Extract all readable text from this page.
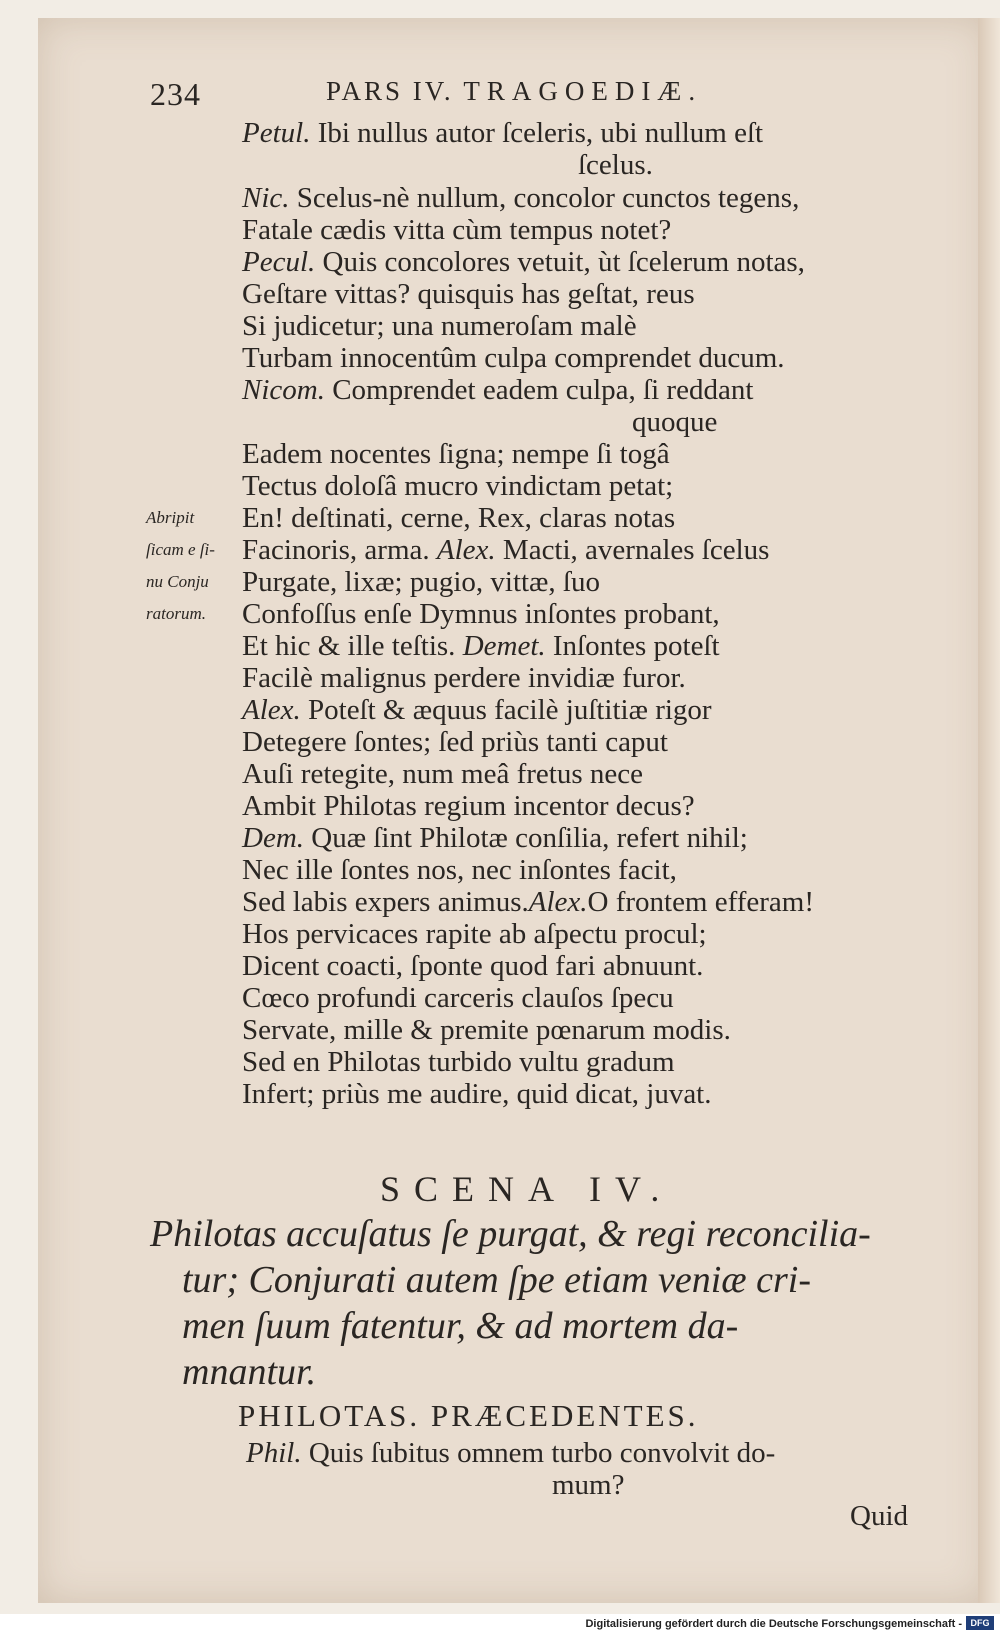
234	PARS IV. TRAGOEDIÆ.
Petul. Ibi nullus autor ſceleris, ubi nullum eſt
ſcelus.
Nic. Scelus-nè nullum, concolor cunctos tegens,
Fatale cædis vitta cùm tempus notet?
Pecul. Quis concolores vetuit, ùt ſcelerum notas,
Geſtare vittas? quisquis has geſtat, reus
Si judicetur; una numeroſam malè
Turbam innocentûm culpa comprendet ducum.
Nicom. Comprendet eadem culpa, ſi reddant
quoque
Eadem nocentes ſigna; nempe ſi togâ
Tectus doloſâ mucro vindictam petat;
En! deſtinati, cerne, Rex, claras notas
Facinoris, arma. Alex. Macti, avernales ſcelus
Purgate, lixæ; pugio, vittæ, ſuo
Confoſſus enſe Dymnus inſontes probant,
Et hic & ille teſtis. Demet. Inſontes poteſt
Facilè malignus perdere invidiæ furor.
Alex. Poteſt & æquus facilè juſtitiæ rigor
Detegere ſontes; ſed priùs tanti caput
Auſi retegite, num meâ fretus nece
Ambit Philotas regium incentor decus?
Dem. Quæ ſint Philotæ conſilia, refert nihil;
Nec ille ſontes nos, nec inſontes facit,
Sed labis expers animus.Alex.O frontem efferam!
Hos pervicaces rapite ab aſpectu procul;
Dicent coacti, ſponte quod fari abnuunt.
Cœco profundi carceris clauſos ſpecu
Servate, mille & premite pœnarum modis.
Sed en Philotas turbido vultu gradum
Infert; priùs me audire, quid dicat, juvat.
Abripit
ſicam e ſi-
nu Conju
ratorum.
SCENA IV.
Philotas accuſatus ſe purgat, & regi reconcilia-
tur; Conjurati autem ſpe etiam veniæ cri-
men ſuum fatentur, & ad mortem da-
mnantur.
PHILOTAS. PRÆCEDENTES.
Phil. Quis ſubitus omnem turbo convolvit do-
mum?
Quid
Digitalisierung gefördert durch die Deutsche Forschungsgemeinschaft - DFG
